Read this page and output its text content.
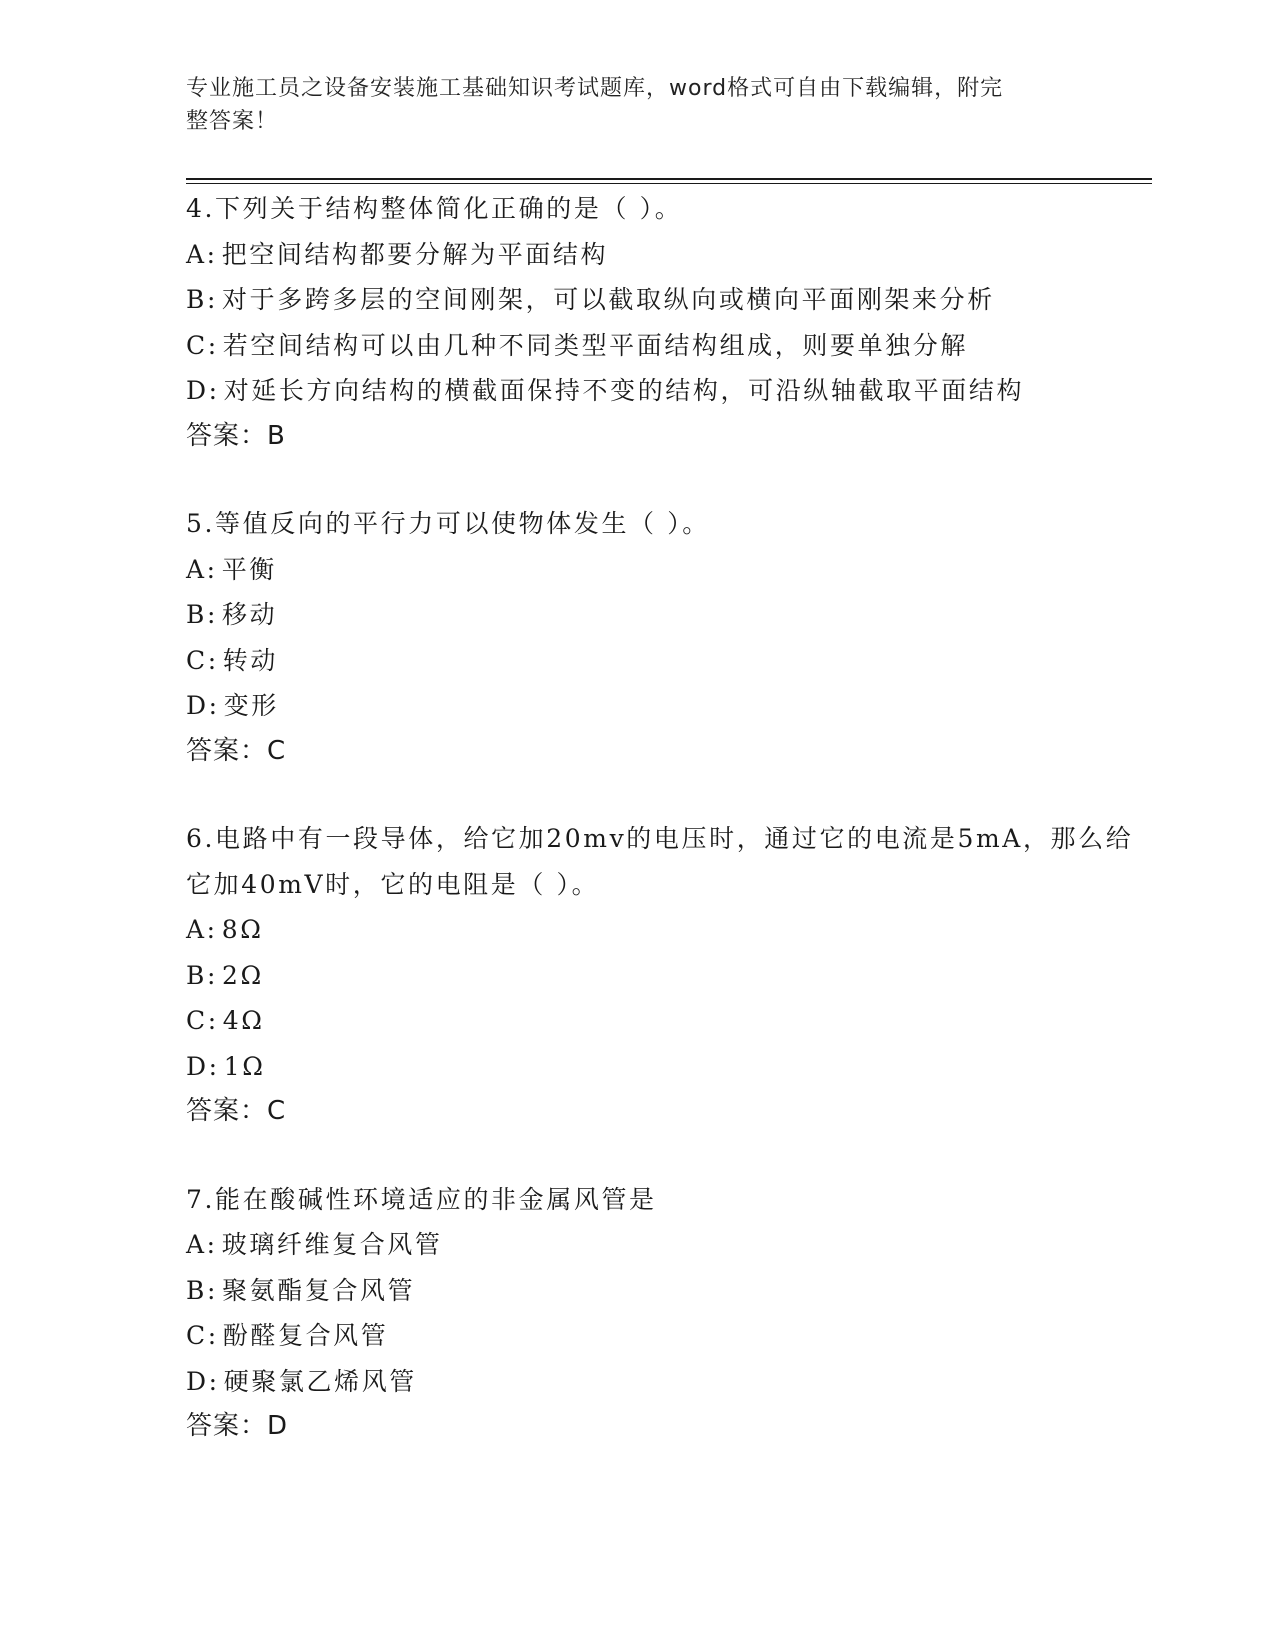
专业施工员之设备安装施工基础知识考试题库，word格式可自由下载编辑，附完
整答案！
4.下列关于结构整体简化正确的是（ ）。
A: 把空间结构都要分解为平面结构
B: 对于多跨多层的空间刚架，可以截取纵向或横向平面刚架来分析
C: 若空间结构可以由几种不同类型平面结构组成，则要单独分解
D: 对延长方向结构的横截面保持不变的结构，可沿纵轴截取平面结构
答案：B
5.等值反向的平行力可以使物体发生（ ）。
A: 平衡
B: 移动
C: 转动
D: 变形
答案：C
6.电路中有一段导体，给它加20mv的电压时，通过它的电流是5mA，那么给它加40mV时，它的电阻是（ ）。
A: 8Ω
B: 2Ω
C: 4Ω
D: 1Ω
答案：C
7.能在酸碱性环境适应的非金属风管是
A: 玻璃纤维复合风管
B: 聚氨酯复合风管
C: 酚醛复合风管
D: 硬聚氯乙烯风管
答案：D
